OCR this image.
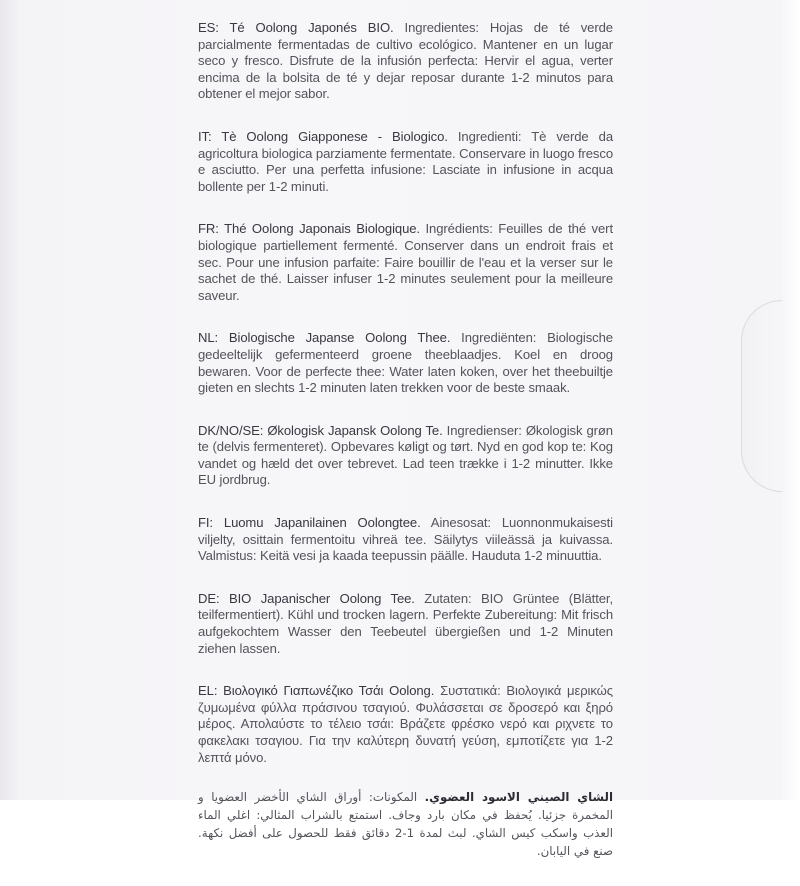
ES: Té Oolong Japonés BIO. Ingredientes: Hojas de té verde parcialmente fermentadas de cultivo ecológico. Mantener en un lugar seco y fresco. Disfrute de la infusión perfecta: Hervir el agua, verter encima de la bolsita de té y dejar reposar durante 1-2 minutos para obtener el mejor sabor.

IT: Tè Oolong Giapponese - Biologico. Ingredienti: Tè verde da agricoltura biologica parziamente fermentate. Conservare in luogo fresco e asciutto. Per una perfetta infusione: Lasciate in infusione in acqua bollente per 1-2 minuti.

FR: Thé Oolong Japonais Biologique. Ingrédients: Feuilles de thé vert biologique partiellement fermenté. Conserver dans un endroit frais et sec. Pour une infusion parfaite: Faire bouillir de l'eau et la verser sur le sachet de thé. Laisser infuser 1-2 minutes seulement pour la meilleure saveur.

NL: Biologische Japanse Oolong Thee. Ingrediënten: Biologische gedeeltelijk gefermenteerd groene theeblaadjes. Koel en droog bewaren. Voor de perfecte thee: Water laten koken, over het theebuiltje gieten en slechts 1-2 minuten laten trekken voor de beste smaak.

DK/NO/SE: Økologisk Japansk Oolong Te. Ingredienser: Økologisk grøn te (delvis fermenteret). Opbevares køligt og tørt. Nyd en god kop te: Kog vandet og hæld det over tebrevet. Lad teen trække i 1-2 minutter. Ikke EU jordbrug.

FI: Luomu Japanilainen Oolongtee. Ainesosat: Luonnonmukaisesti viljelty, osittain fermentoitu vihreä tee. Säilytys viileässä ja kuivassa. Valmistus: Keitä vesi ja kaada teepussin päälle. Hauduta 1-2 minuuttia.

DE: BIO Japanischer Oolong Tee. Zutaten: BIO Grüntee (Blätter, teilfermentiert). Kühl und trocken lagern. Perfekte Zubereitung: Mit frisch aufgekochtem Wasser den Teebeutel übergießen und 1-2 Minuten ziehen lassen.

EL: Βιολογικό Γιαπωνέζικο Τσάι Oolong. Συστατικά: Βιολογικά μερικώς ζυμωμένα φύλλα πράσινου τσαγιού. Φυλάσσεται σε δροσερό και ξηρό μέρος. Απολαύστε το τέλειο τσάι: Βράζετε φρέσκο νερό και ριχνετε το φακελακι τσαγιου. Για την καλύτερη δυνατή γεύση, εμποτίζετε για 1-2 λεπτά μόνο.

الشاي الصيني الاسود العضوي. المكونات: أوراق الشاي الأخضر العضويا و المخمرة جزئيا. يُحفظ في مكان بارد وجاف. استمتع بالشراب المثالي: اغلي الماء العذب واسكب كيس الشاي. لبث لمدة 1-2 دقائق فقط للحصول على أفضل نكهة. صنع في اليابان.
